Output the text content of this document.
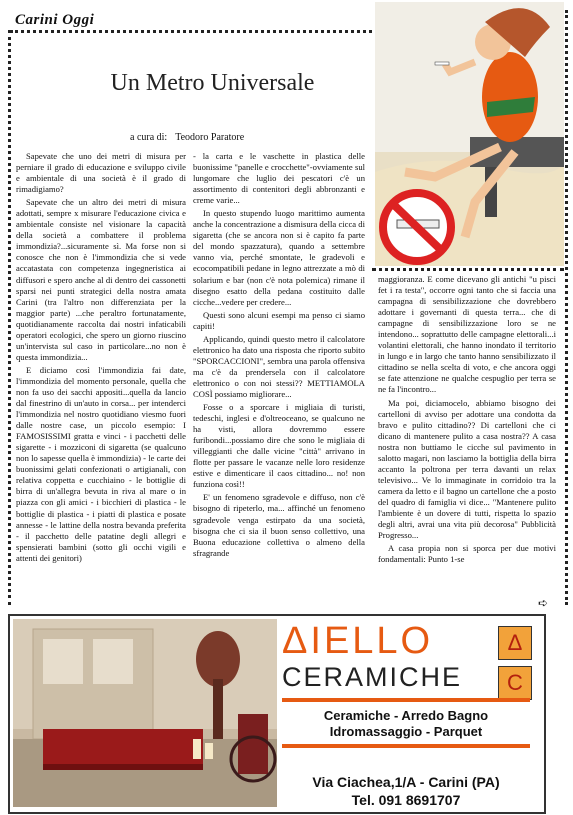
Carini Oggi
Un Metro Universale
a cura di: Teodoro Paratore

Sapevate che uno dei metri di misura per perniare il grado di educazione e sviluppo civile e ambientale di una società è il grado di rimadigiamo?

Sapevate che un altro dei metri di misura adottati, sempre x misurare l'educazione civica e ambientale consiste nel visionare la capacità della società a combattere il problema immondizia?...sicuramente sì. Ma forse non si conosce che non è l'immondizia che si vede accatastata con competenza ingegneristica ai diffusori e spero anche al di dentro dei cassonetti sparsi nei punti strategici della nostra amata Carini (tra l'altro non differenziata per la maggior parte) ...che peraltro fortunatamente, quotidianamente raccolta dai nostri infaticabili operatori ecologici, che spero un giorno riuscino un'intervista sul caso in particolare...no non è questa immondizia...

E diciamo così l'immondizia fai date, l'immondizia del momento personale, quella che non fa uso dei sacchi appositi...quella da lancio dal finestrino di un'auto in corsa... per intenderci l'immondizia nel nostro quotidiano viesmo fuori dalle nostre case, un piccolo esempio: I FAMOSISSIMI gratta e vinci - i pacchetti delle sigarette - i mozziconi di sigaretta (se qualcuno non lo sapesse quella è immondizia) - le carte dei buonissimi gelati confezionati o artigianali, con relativa coppetta e cucchiaino - le bottiglie di birra di un'allegra bevuta in riva al mare o in piazza con gli amici - i bicchieri di plastica - le bottiglie di plastica - i piatti di plastica e posate annesse - le lattine della nostra bevanda preferita - il pacchetto delle patatine degli allegri e spensierati bambini (sotto gli occhi vigili e attenti dei genitori)

- la carta e le vaschette in plastica delle buonissime "panelle e crocchette"-ovviamente sul lungomare che luglio dei pescatori c'è un assortimento di contenitori degli abbronzanti e creme varie...

In questo stupendo luogo marittimo aumenta anche la concentrazione a dismisura della cicca di sigaretta (che se ancora non si è capito fa parte del mondo spazzatura), quando a settembre vanno via, perché smontate, le gradevoli e ecocompatibili pedane in legno attrezzate a mò di solarium e bar (non c'è nota polemica) rimane il disegno esatto della pedana costituito dalle cicche...vedere per credere...

Questi sono alcuni esempi ma penso ci siamo capiti!

Applicando, quindi questo metro il calcolatore elettronico ha dato una risposta che riporto subito "SPORCACCIONI", sembra una parola offensiva ma c'è da prendersela con il calcolatore elettronico o con noi stessi?? METTIAMOLA COSÌ possiamo migliorare...

Fosse o a sporcare i migliaia di turisti, tedeschi, inglesi e d'oltreoceano, se qualcuno ne ha visti, allora dovremmo essere furibondi...possiamo dire che sono le migliaia di villeggianti che dalle vicine "città" arrivano in flotte per passare le vacanze nelle loro residenze estive e dimenticare il caos cittadino... no! non funziona così!!

E' un fenomeno sgradevole e diffuso, non c'è bisogno di ripeterlo, ma... affinché un fenomeno sgradevole venga estirpato da una società, bisogna che ci sia il buon senso collettivo, una Buona educazione collettiva o almeno della sfragrande

maggioranza. E come dicevano gli antichi "u pisci fet i ra testa", occorre ogni tanto che si faccia una campagna di sensibilizzazione che dovrebbero adottare i governanti di questa terra... che di campagne di sensibilizzazione loro se ne intendono... soprattutto delle campagne elettorali...i volantini elettorali, che hanno inondato il territorio in lungo e in largo che tanto hanno sensibilizzato il cittadino se nella scelta di voto, e che ancora oggi se fate attenzione ne qualche cespuglio per terra se ne fa l'incontro...

Ma poi, diciamocelo, abbiamo bisogno dei cartelloni di avviso per adottare una condotta da bravo e pulito cittadino?? Di cartelloni che ci dicano di mantenere pulito a casa nostra?? A casa nostra non buttiamo le cicche sul pavimento in salotto magari, non lasciamo la bottiglia della birra accanto la poltrona per terra davanti un relax televisivo... Ve lo immaginate in corridoio tra la camera da letto e il bagno un cartellone che a posto del quadro di famiglia vi dice... "Mantenere pulito l'ambiente è un dovere di tutti, rispetta lo spazio degli altri, avrai una vita più decorosa" Pubblicità Progresso...

A casa propia non si sporca per due motivi fondamentali: Punto 1-se

➪
ΔIELLO
CERAMICHE
Δ
C
Ceramiche - Arredo Bagno
Idromassaggio - Parquet
Via Ciachea,1/A - Carini (PA)
Tel. 091 8691707
